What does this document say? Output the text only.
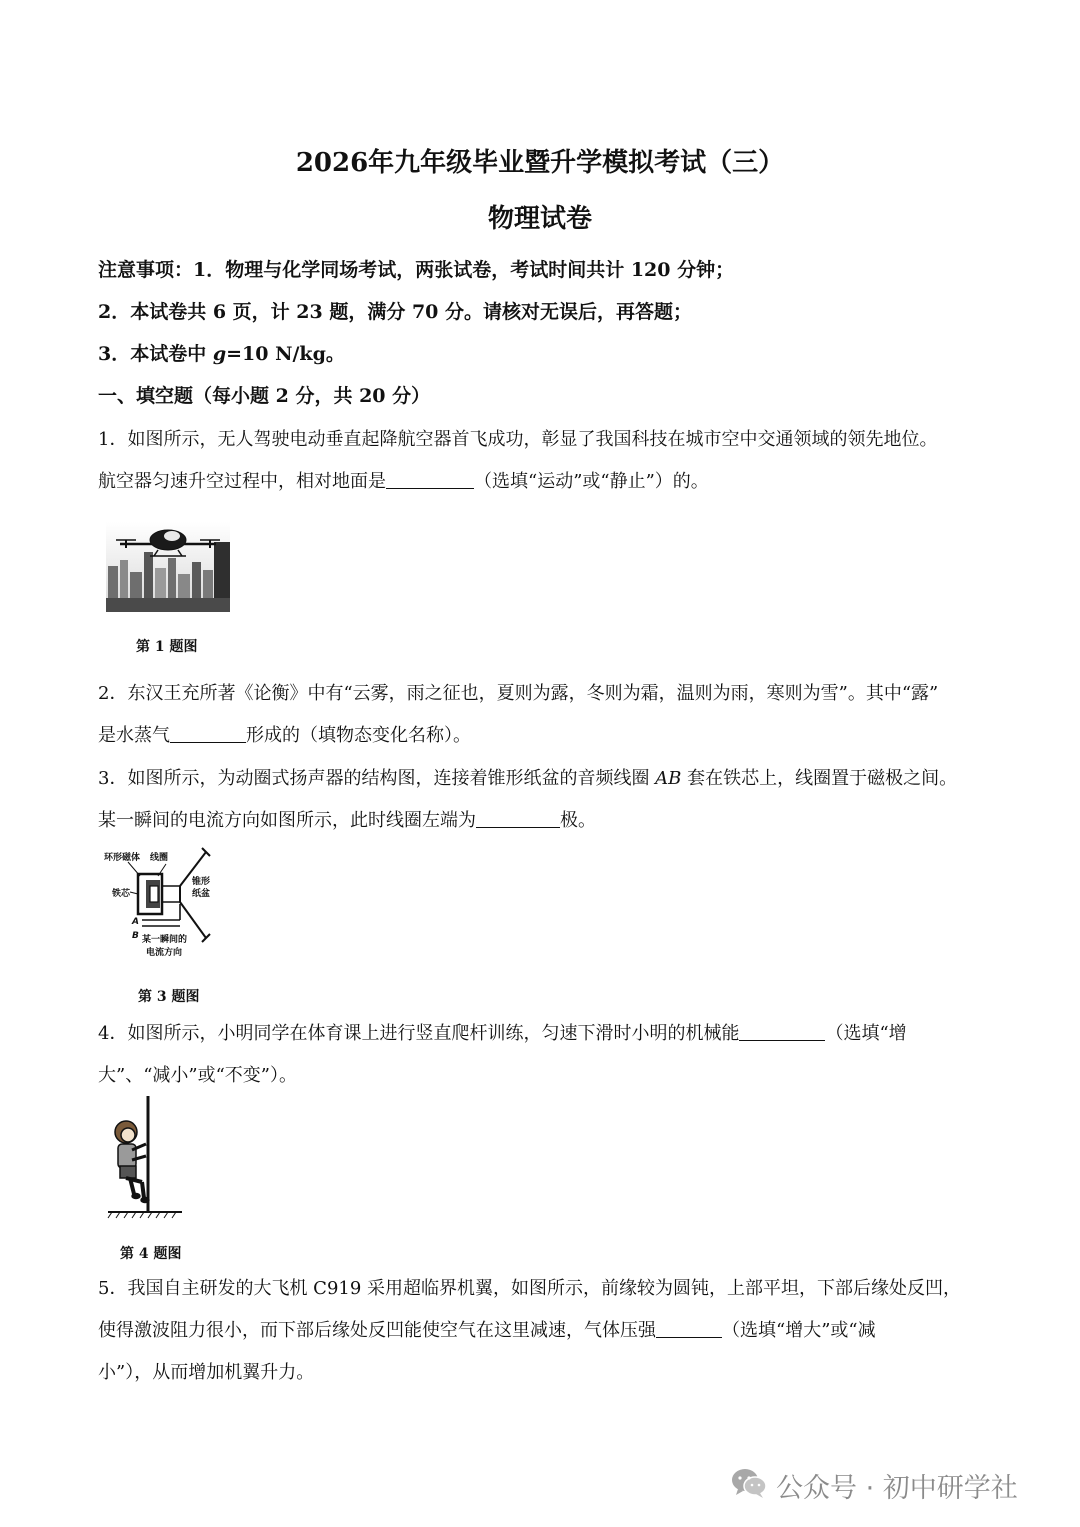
2026年九年级毕业暨升学模拟考试（三）
物理试卷
注意事项：1．物理与化学同场考试，两张试卷，考试时间共计 120 分钟；
2．本试卷共 6 页，计 23 题，满分 70 分。请核对无误后，再答题；
3．本试卷中 g=10 N/kg。
一、填空题（每小题 2 分，共 20 分）
1．如图所示，无人驾驶电动垂直起降航空器首飞成功，彰显了我国科技在城市空中交通领域的领先地位。
航空器匀速升空过程中，相对地面是	（选填“运动”或“静止”）的。
第 1 题图
2．东汉王充所著《论衡》中有“云雾，雨之征也，夏则为露，冬则为霜，温则为雨，寒则为雪”。其中“露”
是水蒸气	形成的（填物态变化名称）。
3．如图所示，为动圈式扬声器的结构图，连接着锥形纸盆的音频线圈 AB 套在铁芯上，线圈置于磁极之间。
某一瞬间的电流方向如图所示，此时线圈左端为	极。
环形磁体 线圈
铁芯
锥形
纸盆
A
B 某一瞬间的
电流方向
第 3 题图
4．如图所示，小明同学在体育课上进行竖直爬杆训练，匀速下滑时小明的机械能	（选填“增
大”、“减小”或“不变”）。
第 4 题图
5．我国自主研发的大飞机 C919 采用超临界机翼，如图所示，前缘较为圆钝，上部平坦，下部后缘处反凹，
使得激波阻力很小，而下部后缘处反凹能使空气在这里减速，气体压强	（选填“增大”或“减
小”），从而增加机翼升力。
公众号 · 初中研学社
